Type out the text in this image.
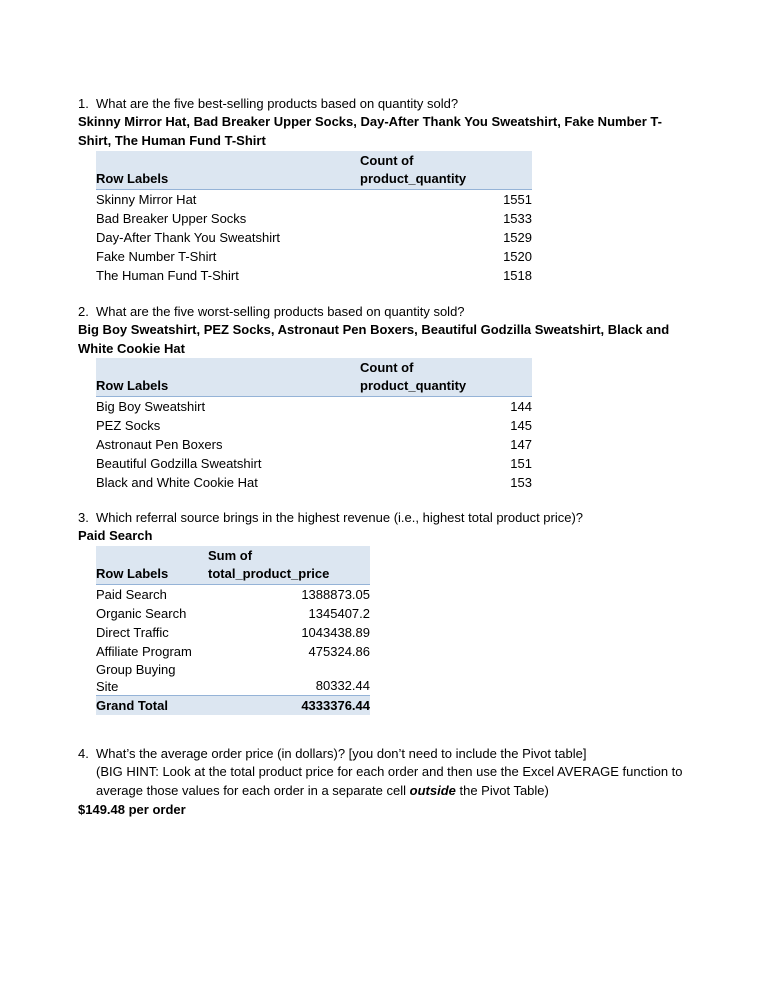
1. What are the five best-selling products based on quantity sold?
Skinny Mirror Hat, Bad Breaker Upper Socks, Day-After Thank You Sweatshirt, Fake Number T-Shirt, The Human Fund T-Shirt
Row Labels	Count of
product_quantity
Skinny Mirror Hat	1551
Bad Breaker Upper Socks	1533
Day-After Thank You Sweatshirt	1529
Fake Number T-Shirt	1520
The Human Fund T-Shirt	1518
2. What are the five worst-selling products based on quantity sold?
Big Boy Sweatshirt, PEZ Socks, Astronaut Pen Boxers, Beautiful Godzilla Sweatshirt, Black and White Cookie Hat
Row Labels	Count of
product_quantity
Big Boy Sweatshirt	144
PEZ Socks	145
Astronaut Pen Boxers	147
Beautiful Godzilla Sweatshirt	151
Black and White Cookie Hat	153
3. Which referral source brings in the highest revenue (i.e., highest total product price)?
Paid Search
Row Labels	Sum of
total_product_price
Paid Search	1388873.05
Organic Search	1345407.2
Direct Traffic	1043438.89
Affiliate Program	475324.86
Group Buying
Site	80332.44
Grand Total	4333376.44
4. What’s the average order price (in dollars)? [you don’t need to include the Pivot table]
(BIG HINT: Look at the total product price for each order and then use the Excel AVERAGE function to average those values for each order in a separate cell outside the Pivot Table)
$149.48 per order
